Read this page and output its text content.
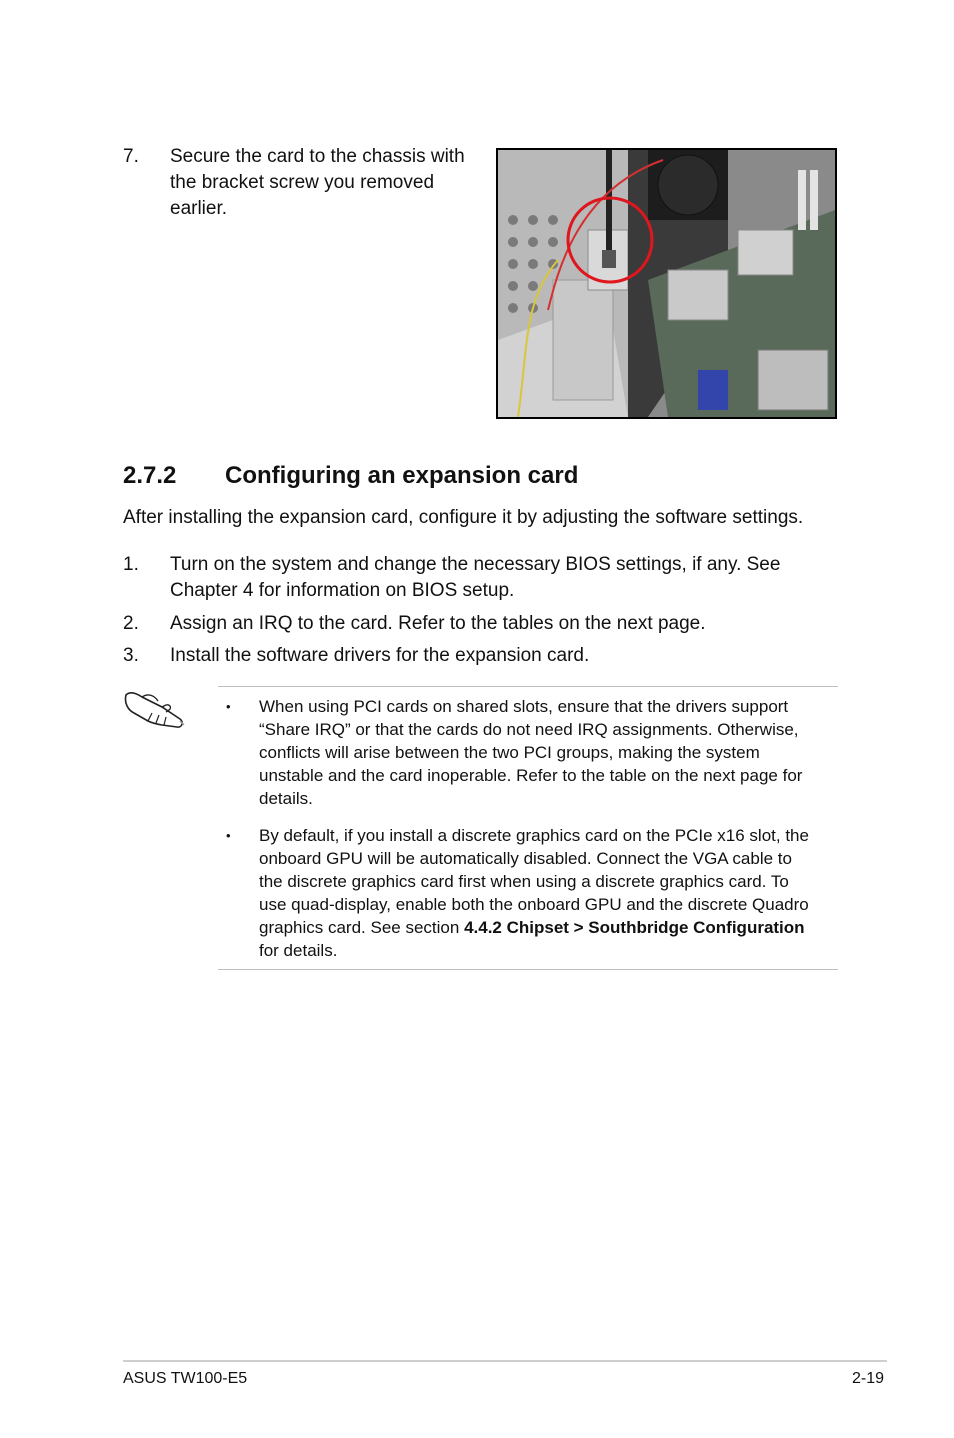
7. Secure the card to the chassis with
the bracket screw you removed
earlier.
2.7.2 Configuring an expansion card
After installing the expansion card, configure it by adjusting the software settings.
1. Turn on the system and change the necessary BIOS settings, if any. See
Chapter 4 for information on BIOS setup.
2. Assign an IRQ to the card. Refer to the tables on the next page.
3. Install the software drivers for the expansion card.
• When using PCI cards on shared slots, ensure that the drivers support
“Share IRQ” or that the cards do not need IRQ assignments. Otherwise,
conflicts will arise between the two PCI groups, making the system
unstable and the card inoperable. Refer to the table on the next page for
details.
• By default, if you install a discrete graphics card on the PCIe x16 slot, the
onboard GPU will be automatically disabled. Connect the VGA cable to
the discrete graphics card first when using a discrete graphics card. To
use quad-display, enable both the onboard GPU and the discrete Quadro
graphics card. See section 4.4.2 Chipset > Southbridge Configuration
for details.
ASUS TW100-E5	2-19
